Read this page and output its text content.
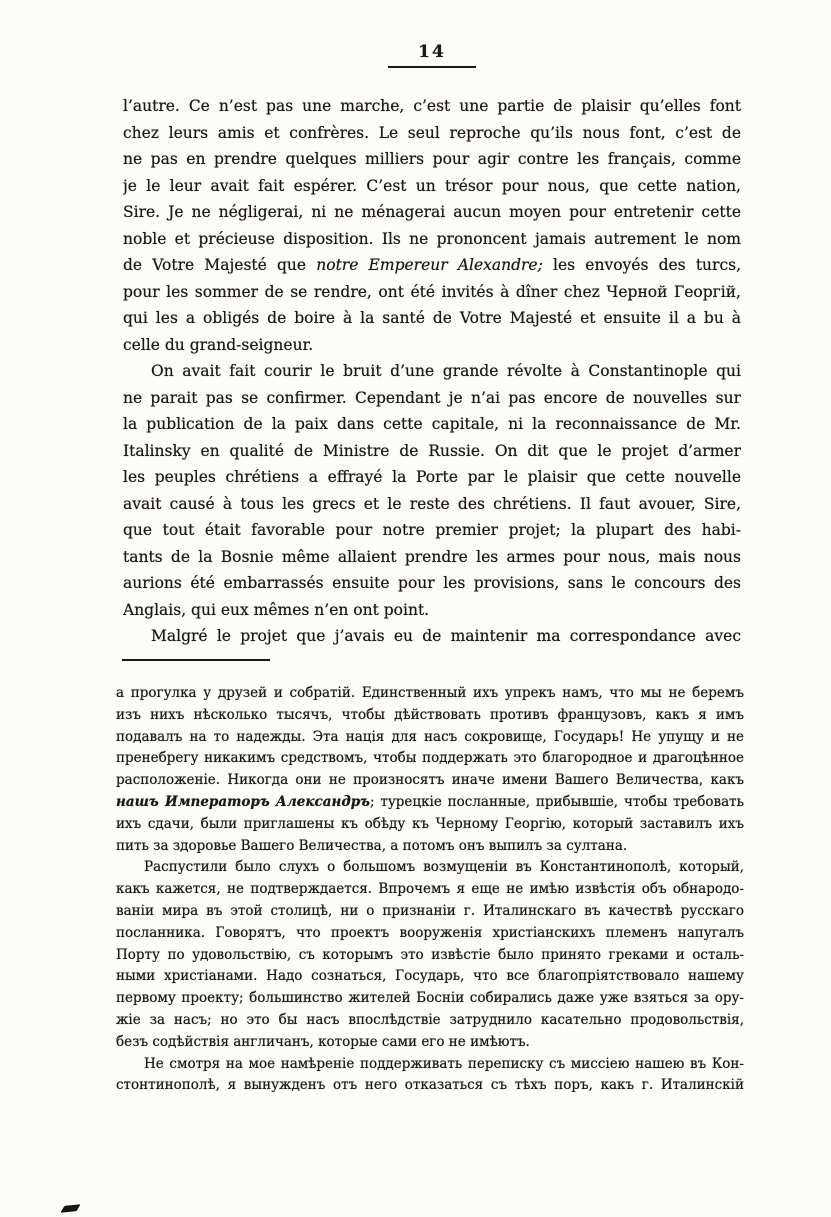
14
l’autre. Ce n’est pas une marche, c’est une partie de plaisir qu’elles font
chez leurs amis et confrères. Le seul reproche qu’ils nous font, c’est de
ne pas en prendre quelques milliers pour agir contre les français, comme
je le leur avait fait espérer. C’est un trésor pour nous, que cette nation,
Sire. Je ne négligerai, ni ne ménagerai aucun moyen pour entretenir cette
noble et précieuse disposition. Ils ne prononcent jamais autrement le nom
de Votre Majesté que notre Empereur Alexandre; les envoyés des turcs,
pour les sommer de se rendre, ont été invités à dîner chez Черной Георгій,
qui les a obligés de boire à la santé de Votre Majesté et ensuite il a bu à
celle du grand-seigneur.
On avait fait courir le bruit d’une grande révolte à Constantinople qui
ne parait pas se confirmer. Cependant je n’ai pas encore de nouvelles sur
la publication de la paix dans cette capitale, ni la reconnaissance de Mr.
Italinsky en qualité de Ministre de Russie. On dit que le projet d’armer
les peuples chrétiens a effrayé la Porte par le plaisir que cette nouvelle
avait causé à tous les grecs et le reste des chrétiens. Il faut avouer, Sire,
que tout était favorable pour notre premier projet; la plupart des habi-
tants de la Bosnie même allaient prendre les armes pour nous, mais nous
aurions été embarrassés ensuite pour les provisions, sans le concours des
Anglais, qui eux mêmes n’en ont point.
Malgré le projet que j’avais eu de maintenir ma correspondance avec
а прогулка у друзей и собратій. Единственный ихъ упрекъ намъ, что мы не беремъ
изъ нихъ нѣсколько тысячъ, чтобы дѣйствовать противъ французовъ, какъ я имъ
подавалъ на то надежды. Эта нація для насъ сокровище, Государь! Не упущу и не
пренебрегу никакимъ средствомъ, чтобы поддержать это благородное и драгоцѣнное
расположеніе. Никогда они не произносятъ иначе имени Вашего Величества, какъ
нашъ Императоръ Александръ; турецкіе посланные, прибывшіе, чтобы требовать
ихъ сдачи, были приглашены къ обѣду къ Черному Георгію, который заставилъ ихъ
пить за здоровье Вашего Величества, а потомъ онъ выпилъ за султана.
Распустили было слухъ о большомъ возмущеніи въ Константинополѣ, который,
какъ кажется, не подтверждается. Впрочемъ я еще не имѣю извѣстія объ обнародо-
ваніи мира въ этой столицѣ, ни о признаніи г. Италинскаго въ качествѣ русскаго
посланника. Говорятъ, что проектъ вооруженія христіанскихъ племенъ напугалъ
Порту по удовольствію, съ которымъ это извѣстіе было принято греками и осталь-
ными христіанами. Надо сознаться, Государь, что все благопріятствовало нашему
первому проекту; большинство жителей Босніи собирались даже уже взяться за ору-
жіе за насъ; но это бы насъ впослѣдствіе затруднило касательно продовольствія,
безъ содѣйствія англичанъ, которые сами его не имѣютъ.
Не смотря на мое намѣреніе поддерживать переписку съ миссіею нашею въ Кон-
стонтинополѣ, я вынужденъ отъ него отказаться съ тѣхъ поръ, какъ г. Италинскій
